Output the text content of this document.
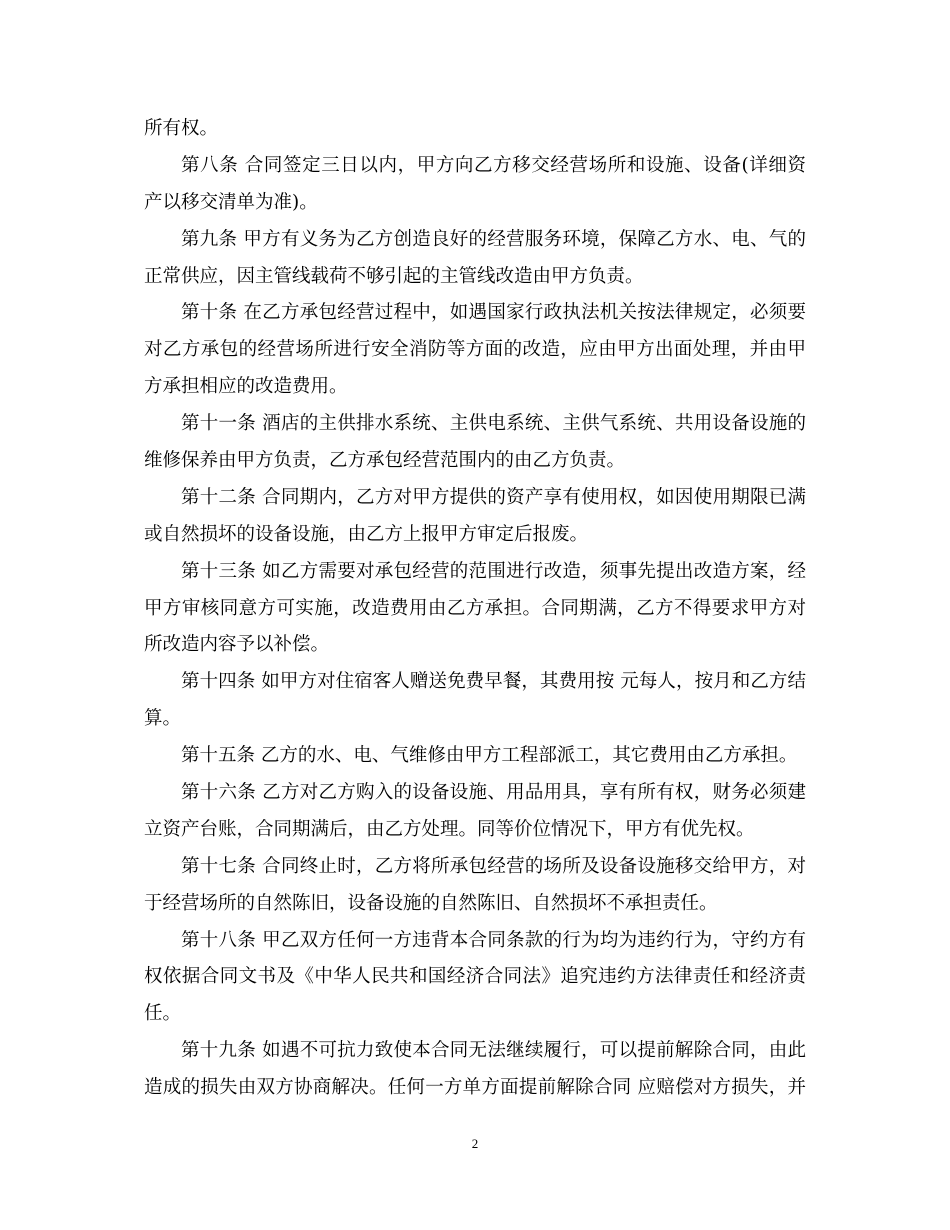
所有权。
第八条 合同签定三日以内，甲方向乙方移交经营场所和设施、设备(详细资
产以移交清单为准)。
第九条 甲方有义务为乙方创造良好的经营服务环境，保障乙方水、电、气的
正常供应，因主管线载荷不够引起的主管线改造由甲方负责。
第十条 在乙方承包经营过程中，如遇国家行政执法机关按法律规定，必须要
对乙方承包的经营场所进行安全消防等方面的改造，应由甲方出面处理，并由甲
方承担相应的改造费用。
第十一条 酒店的主供排水系统、主供电系统、主供气系统、共用设备设施的
维修保养由甲方负责，乙方承包经营范围内的由乙方负责。
第十二条 合同期内，乙方对甲方提供的资产享有使用权，如因使用期限已满
或自然损坏的设备设施，由乙方上报甲方审定后报废。
第十三条 如乙方需要对承包经营的范围进行改造，须事先提出改造方案，经
甲方审核同意方可实施，改造费用由乙方承担。合同期满，乙方不得要求甲方对
所改造内容予以补偿。
第十四条 如甲方对住宿客人赠送免费早餐，其费用按 元每人，按月和乙方结
算。
第十五条 乙方的水、电、气维修由甲方工程部派工，其它费用由乙方承担。
第十六条 乙方对乙方购入的设备设施、用品用具，享有所有权，财务必须建
立资产台账，合同期满后，由乙方处理。同等价位情况下，甲方有优先权。
第十七条 合同终止时，乙方将所承包经营的场所及设备设施移交给甲方，对
于经营场所的自然陈旧，设备设施的自然陈旧、自然损坏不承担责任。
第十八条 甲乙双方任何一方违背本合同条款的行为均为违约行为，守约方有
权依据合同文书及《中华人民共和国经济合同法》追究违约方法律责任和经济责
任。
第十九条 如遇不可抗力致使本合同无法继续履行，可以提前解除合同，由此
造成的损失由双方协商解决。任何一方单方面提前解除合同 应赔偿对方损失，并
2
